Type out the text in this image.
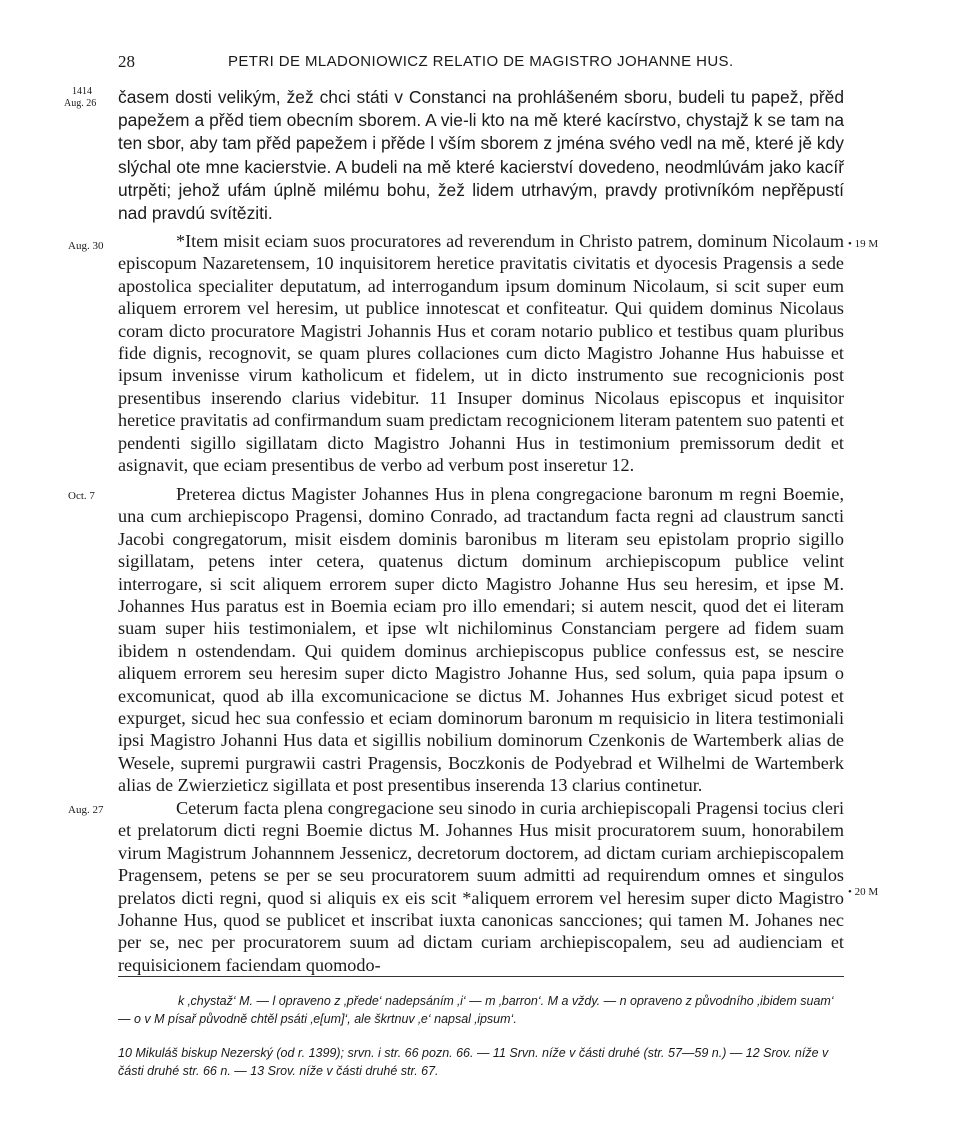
28	PETRI DE MLADONIOWICZ RELATIO DE MAGISTRO JOHANNE HUS.
1414
Aug. 26
Aug. 30
Oct. 7
Aug. 27
• 19 M
• 20 M
časem dosti velikým, žež chci státi v Constanci na prohlášeném sboru, budeli tu papež, přěd papežem a přěd tiem obecním sborem. A vie-li kto na mě které kacírstvo, chystajž k se tam na ten sbor, aby tam přěd papežem i přěde l vším sborem z jména svého vedl na mě, které jě kdy slýchal ote mne kacierstvie. A budeli na mě které kacierství dovedeno, neodmlúvám jako kacíř utrpěti; jehož ufám úplně milému bohu, žež lidem utrhavým, pravdy protivníkóm nepřěpustí nad pravdú svítěziti.

*Item misit eciam suos procuratores ad reverendum in Christo patrem, dominum Nicolaum episcopum Nazaretensem, 10 inquisitorem heretice pravitatis civitatis et dyocesis Pragensis a sede apostolica specialiter deputatum, ad interrogandum ipsum dominum Nicolaum, si scit super eum aliquem errorem vel heresim, ut publice innotescat et confiteatur. Qui quidem dominus Nicolaus coram dicto procuratore Magistri Johannis Hus et coram notario publico et testibus quam pluribus fide dignis, recognovit, se quam plures collaciones cum dicto Magistro Johanne Hus habuisse et ipsum invenisse virum katholicum et fidelem, ut in dicto instrumento sue recognicionis post presentibus inserendo clarius videbitur. 11 Insuper dominus Nicolaus episcopus et inquisitor heretice pravitatis ad confirmandum suam predictam recognicionem literam patentem suo patenti et pendenti sigillo sigillatam dicto Magistro Johanni Hus in testimonium premissorum dedit et asignavit, que eciam presentibus de verbo ad verbum post inseretur 12.

Preterea dictus Magister Johannes Hus in plena congregacione baronum m regni Boemie, una cum archiepiscopo Pragensi, domino Conrado, ad tractandum facta regni ad claustrum sancti Jacobi congregatorum, misit eisdem dominis baronibus m literam seu epistolam proprio sigillo sigillatam, petens inter cetera, quatenus dictum dominum archiepiscopum publice velint interrogare, si scit aliquem errorem super dicto Magistro Johanne Hus seu heresim, et ipse M. Johannes Hus paratus est in Boemia eciam pro illo emendari; si autem nescit, quod det ei literam suam super hiis testimonialem, et ipse wlt nichilominus Constanciam pergere ad fidem suam ibidem n ostendendam. Qui quidem dominus archiepiscopus publice confessus est, se nescire aliquem errorem seu heresim super dicto Magistro Johanne Hus, sed solum, quia papa ipsum o excomunicat, quod ab illa excomunicacione se dictus M. Johannes Hus exbriget sicud potest et expurget, sicud hec sua confessio et eciam dominorum baronum m requisicio in litera testimoniali ipsi Magistro Johanni Hus data et sigillis nobilium dominorum Czenkonis de Wartemberk alias de Wesele, supremi purgrawii castri Pragensis, Boczkonis de Podyebrad et Wilhelmi de Wartemberk alias de Zwierzieticz sigillata et post presentibus inserenda 13 clarius continetur.

Ceterum facta plena congregacione seu sinodo in curia archiepiscopali Pragensi tocius cleri et prelatorum dicti regni Boemie dictus M. Johannes Hus misit procuratorem suum, honorabilem virum Magistrum Johannnem Jessenicz, decretorum doctorem, ad dictam curiam archiepiscopalem Pragensem, petens se per se seu procuratorem suum admitti ad requirendum omnes et singulos prelatos dicti regni, quod si aliquis ex eis scit *aliquem errorem vel heresim super dicto Magistro Johanne Hus, quod se publicet et inscribat iuxta canonicas sancciones; qui tamen M. Johanes nec per se, nec per procuratorem suum ad dictam curiam archiepiscopalem, seu ad audienciam et requisicionem faciendam quomodo-

k ‚chystaž‘ M. — l opraveno z ‚přede‘ nadepsáním ‚i‘ — m ‚barron‘. M a vždy. — n opraveno z původního ‚ibidem suam‘ — o v M písař původně chtěl psáti ‚e[um]‘, ale škrtnuv ‚e‘ napsal ‚ipsum‘.
10 Mikuláš biskup Nezerský (od r. 1399); srvn. i str. 66 pozn. 66. — 11 Srvn. níže v části druhé (str. 57—59 n.) — 12 Srov. níže v části druhé str. 66 n. — 13 Srov. níže v části druhé str. 67.
